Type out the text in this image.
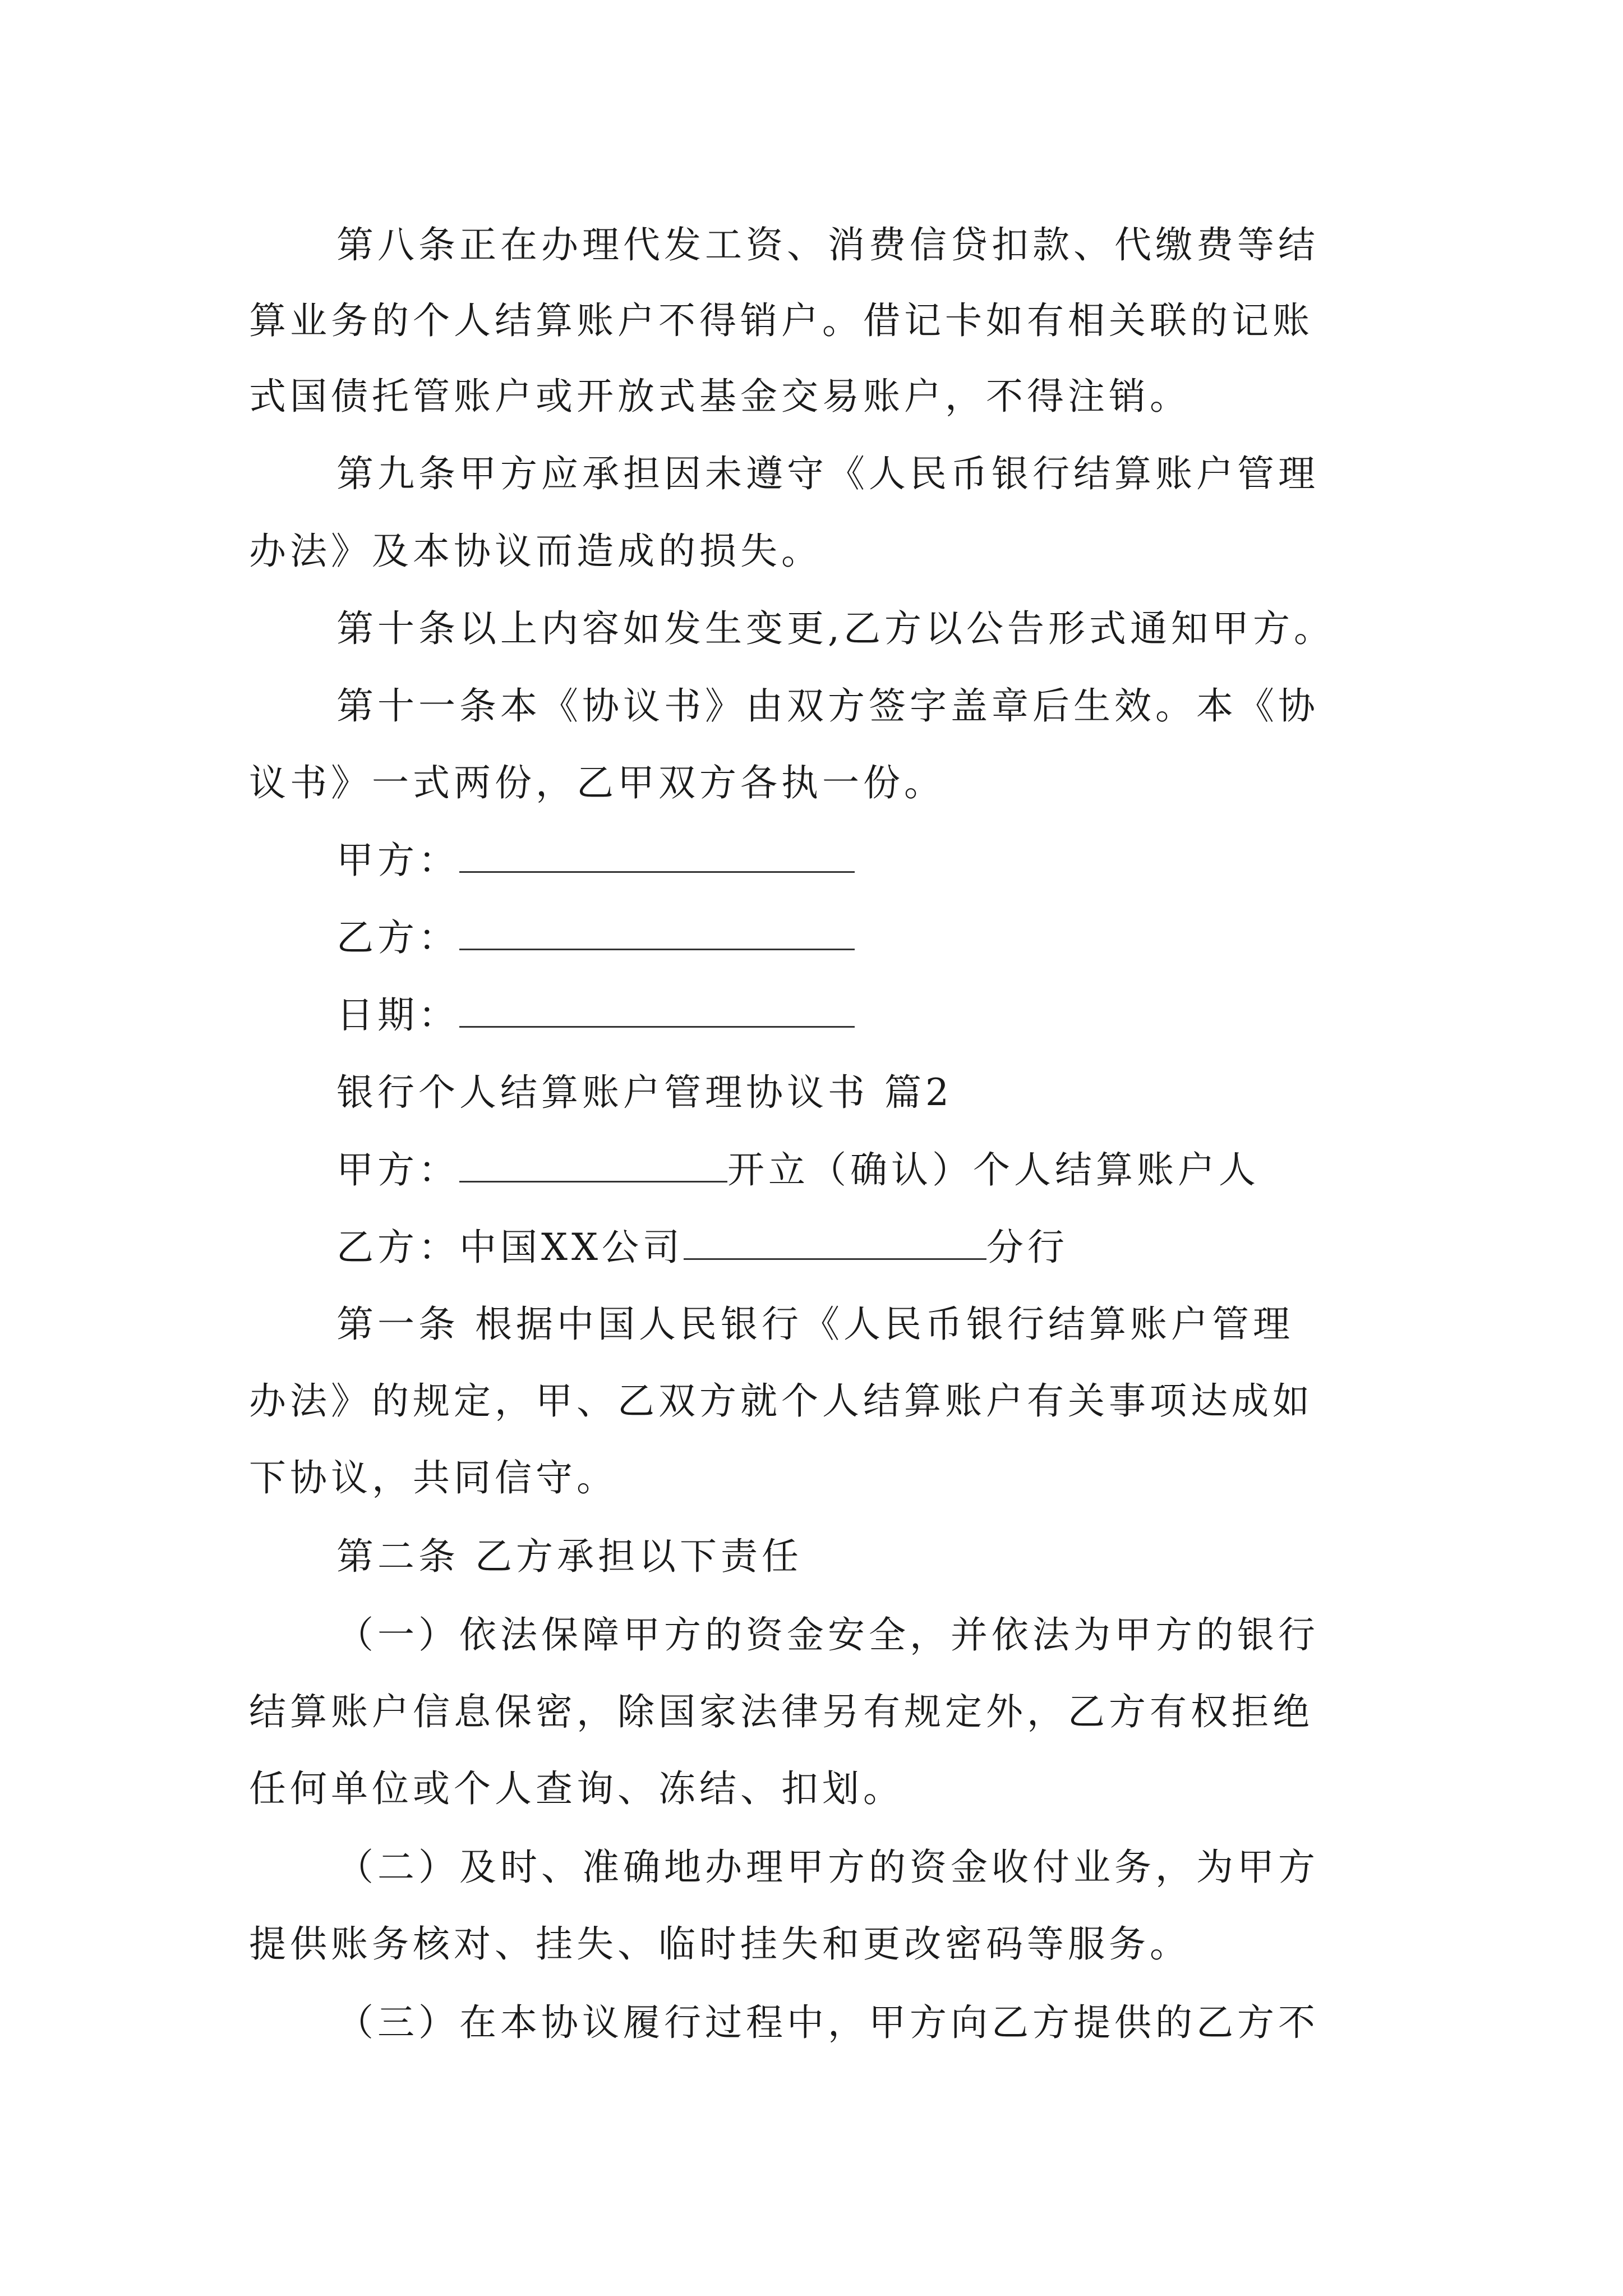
第八条正在办理代发工资、消费信贷扣款、代缴费等结
算业务的个人结算账户不得销户。借记卡如有相关联的记账
式国债托管账户或开放式基金交易账户，不得注销。
第九条甲方应承担因未遵守《人民币银行结算账户管理
办法》及本协议而造成的损失。
第十条以上内容如发生变更,乙方以公告形式通知甲方。
第十一条本《协议书》由双方签字盖章后生效。本《协
议书》一式两份，乙甲双方各执一份。
甲方：
乙方：
日期：
银行个人结算账户管理协议书 篇2
甲方：	开立（确认）个人结算账户人
乙方：中国XX公司	分行
第一条 根据中国人民银行《人民币银行结算账户管理
办法》的规定，甲、乙双方就个人结算账户有关事项达成如
下协议，共同信守。
第二条 乙方承担以下责任
（一）依法保障甲方的资金安全，并依法为甲方的银行
结算账户信息保密，除国家法律另有规定外，乙方有权拒绝
任何单位或个人查询、冻结、扣划。
（二）及时、准确地办理甲方的资金收付业务，为甲方
提供账务核对、挂失、临时挂失和更改密码等服务。
（三）在本协议履行过程中，甲方向乙方提供的乙方不
